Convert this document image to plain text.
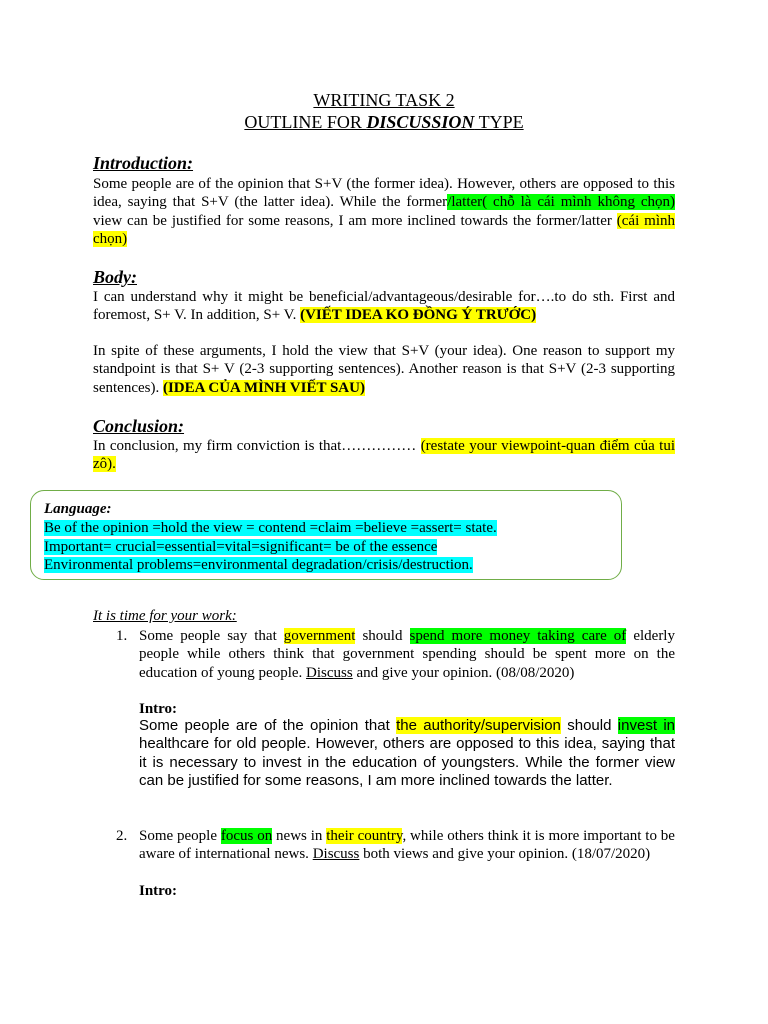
WRITING TASK 2
OUTLINE FOR DISCUSSION TYPE
Introduction:
Some people are of the opinion that S+V (the former idea). However, others are opposed to this idea, saying that S+V (the latter idea). While the former/latter( chỗ là cái mình không chọn) view can be justified for some reasons, I am more inclined towards the former/latter (cái mình chọn)
Body:
I can understand why it might be beneficial/advantageous/desirable for….to do sth. First and foremost, S+ V. In addition, S+ V. (VIẾT IDEA KO ĐỒNG Ý TRƯỚC)
In spite of these arguments, I hold the view that S+V (your idea). One reason to support my standpoint is that S+ V (2-3 supporting sentences). Another reason is that S+V (2-3 supporting sentences). (IDEA CỦA MÌNH VIẾT SAU)
Conclusion:
In conclusion, my firm conviction is that…………… (restate your viewpoint-quan điểm của tui zô).
Language:
Be of the opinion =hold the view = contend =claim =believe =assert= state.
Important= crucial=essential=vital=significant= be of the essence
Environmental problems=environmental degradation/crisis/destruction.
It is time for your work:
1. Some people say that government should spend more money taking care of elderly people while others think that government spending should be spent more on the education of young people. Discuss and give your opinion. (08/08/2020)
Intro:
Some people are of the opinion that the authority/supervision should invest in healthcare for old people. However, others are opposed to this idea, saying that it is necessary to invest in the education of youngsters. While the former view can be justified for some reasons, I am more inclined towards the latter.
2. Some people focus on news in their country, while others think it is more important to be aware of international news. Discuss both views and give your opinion. (18/07/2020)
Intro:
